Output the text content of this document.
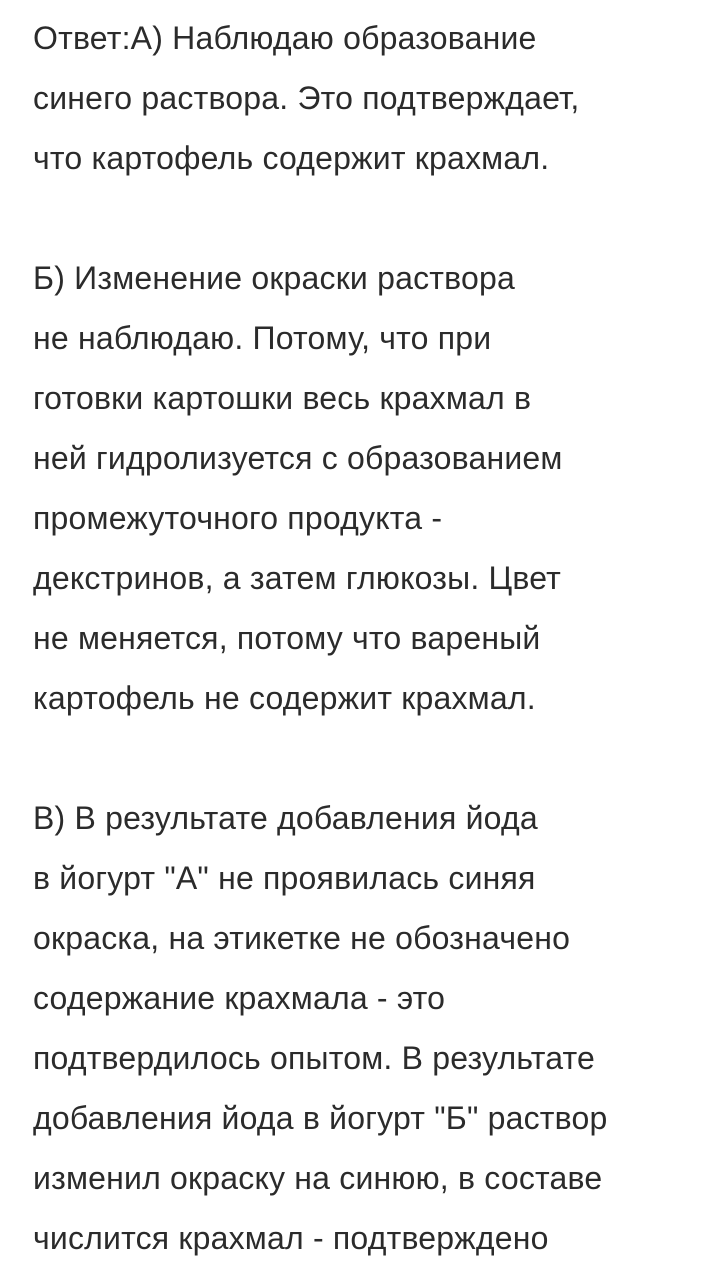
Ответ:А) Наблюдаю образование
синего раствора. Это подтверждает,
что картофель содержит крахмал.
Б) Изменение окраски раствора
не наблюдаю. Потому, что при
готовки картошки весь крахмал в
ней гидролизуется с образованием
промежуточного продукта -
декстринов, а затем глюкозы. Цвет
не меняется, потому что вареный
картофель не содержит крахмал.
В) В результате добавления йода
в йогурт "А" не проявилась синяя
окраска, на этикетке не обозначено
содержание крахмала - это
подтвердилось опытом. В результате
добавления йода в йогурт "Б" раствор
изменил окраску на синюю, в составе
числится крахмал - подтверждено
